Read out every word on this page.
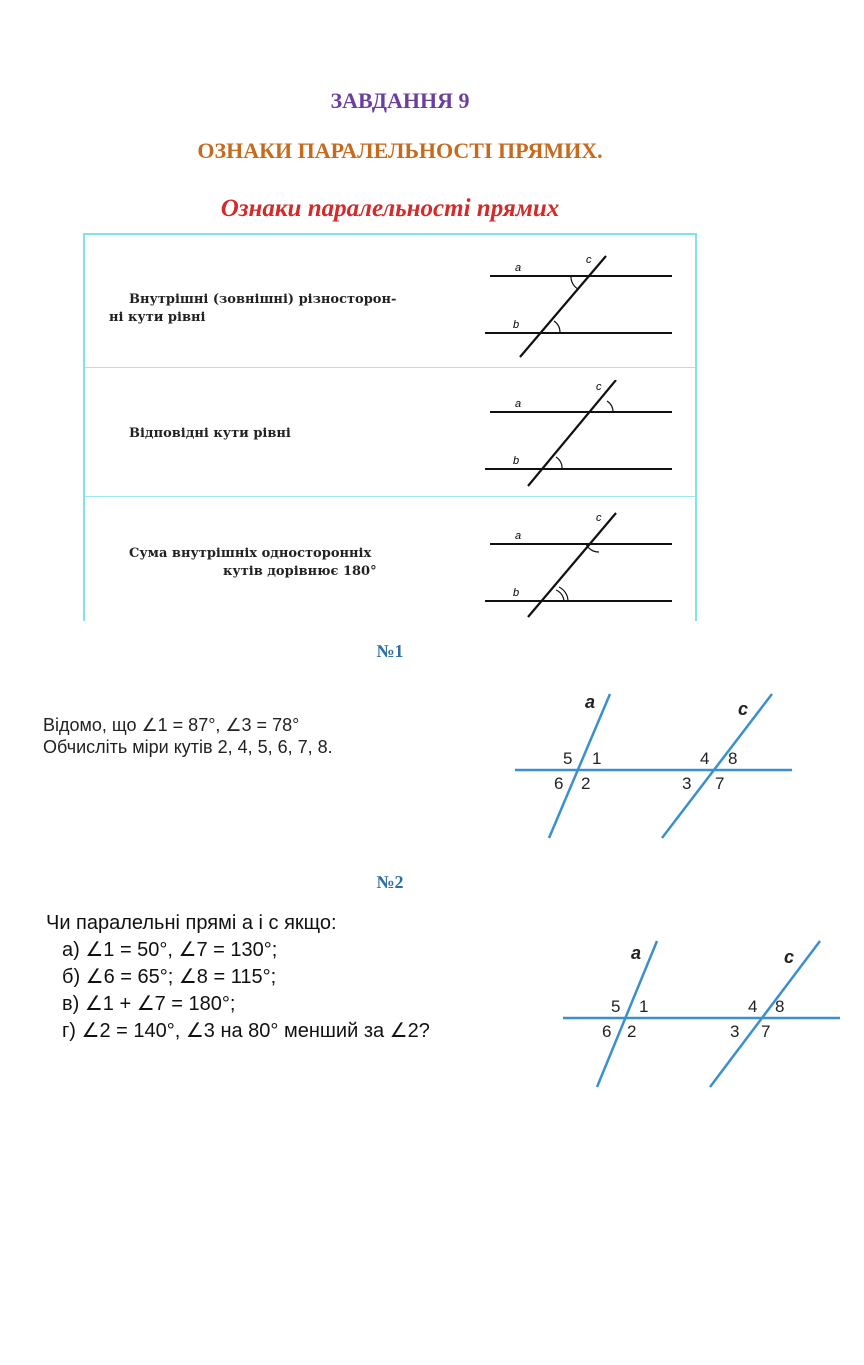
ЗАВДАННЯ 9
ОЗНАКИ ПАРАЛЕЛЬНОСТІ ПРЯМИХ.
Ознаки паралельності прямих
Внутрішні (зовнішні) різносторон-
ні кути рівні
a
b
c
Відповідні кути рівні
a
b
c
Сума внутрішніх односторонніх
кутів дорівнює 180°
a
b
c
№1
Відомо, що ∠1 = 87°, ∠3 = 78°
Обчисліть міри кутів 2, 4, 5, 6, 7, 8.
a	c
5 1
6 2
4 8
3 7
№2
Чи паралельні прямі a і c якщо:
а) ∠1 = 50°, ∠7 = 130°;
б) ∠6 = 65°; ∠8 = 115°;
в) ∠1 + ∠7 = 180°;
г) ∠2 = 140°, ∠3 на 80° менший за ∠2?
a	c
5 1
6 2
4 8
3 7
